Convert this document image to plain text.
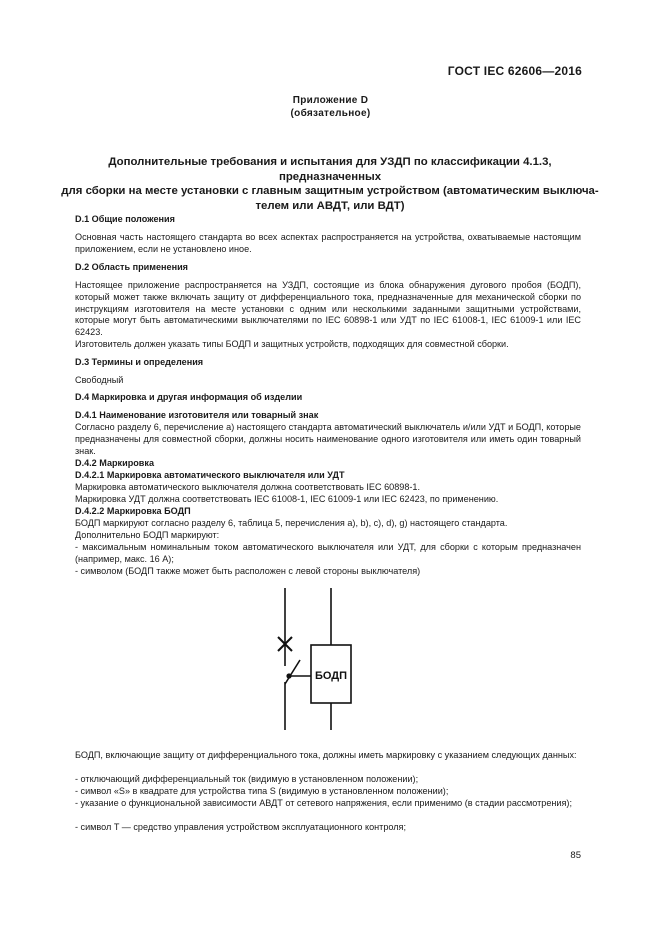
ГОСТ IEC 62606—2016
Приложение D
(обязательное)
Дополнительные требования и испытания для УЗДП по классификации 4.1.3, предназначенных
для сборки на месте установки с главным защитным устройством (автоматическим выключа-
телем или АВДТ, или ВДТ)
D.1 Общие положения
Основная часть настоящего стандарта во всех аспектах распространяется на устройства, охватываемые настоящим приложением, если не установлено иное.
D.2 Область применения
Настоящее приложение распространяется на УЗДП, состоящие из блока обнаружения дугового пробоя (БОДП), который может также включать защиту от дифференциального тока, предназначенные для механической сборки по инструкциям изготовителя на месте установки с одним или несколькими заданными защитными устройствами, которые могут быть автоматическими выключателями по IEC 60898-1 или УДТ по IEC 61008-1, IEC 61009-1 или IEC 62423.
Изготовитель должен указать типы БОДП и защитных устройств, подходящих для совместной сборки.
D.3 Термины и определения
Свободный
D.4 Маркировка и другая информация об изделии
D.4.1 Наименование изготовителя или товарный знак
Согласно разделу 6, перечисление а) настоящего стандарта автоматический выключатель и/или УДТ и БОДП, которые предназначены для совместной сборки, должны носить наименование одного изготовителя или иметь один товарный знак.
D.4.2 Маркировка
D.4.2.1 Маркировка автоматического выключателя или УДТ
Маркировка автоматического выключателя должна соответствовать IEC 60898-1.
Маркировка УДТ должна соответствовать IEC 61008-1, IEC 61009-1 или IEC 62423, по применению.
D.4.2.2 Маркировка БОДП
БОДП маркируют согласно разделу 6, таблица 5, перечисления а), b), c), d), g) настоящего стандарта.
Дополнительно БОДП маркируют:
- максимальным номинальным током автоматического выключателя или УДТ, для сборки с которым предназначен (например, макс. 16 А);
- символом (БОДП также может быть расположен с левой стороны выключателя)
БОДП
БОДП, включающие защиту от дифференциального тока, должны иметь маркировку с указанием следующих данных:
- отключающий дифференциальный ток (видимую в установленном положении);
- символ «S» в квадрате для устройства типа S (видимую в установленном положении);
- указание о функциональной зависимости АВДТ от сетевого напряжения, если применимо (в стадии рассмотрения);
- символ T — средство управления устройством эксплуатационного контроля;
85
